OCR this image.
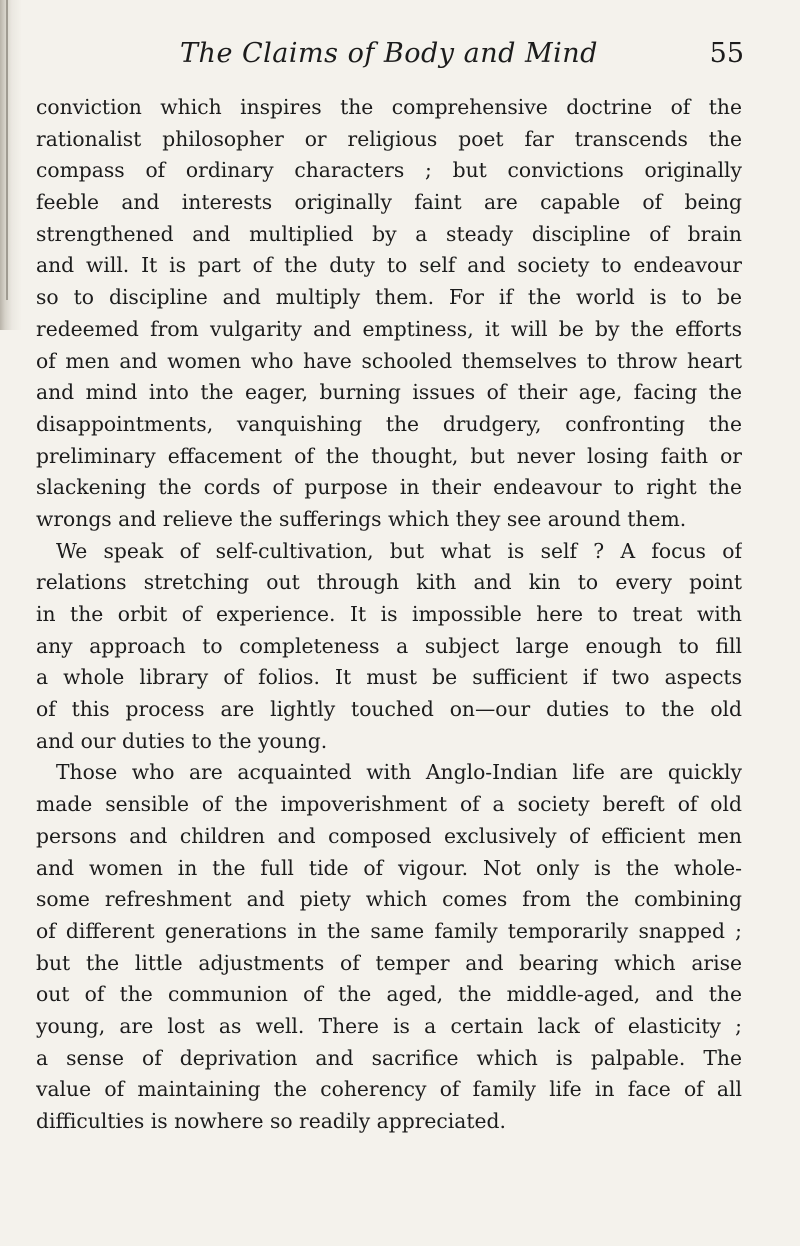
The Claims of Body and Mind	55
conviction which inspires the comprehensive doctrine of the
rationalist philosopher or religious poet far transcends the
compass of ordinary characters ; but convictions originally
feeble and interests originally faint are capable of being
strengthened and multiplied by a steady discipline of brain
and will. It is part of the duty to self and society to endeavour
so to discipline and multiply them. For if the world is to be
redeemed from vulgarity and emptiness, it will be by the efforts
of men and women who have schooled themselves to throw heart
and mind into the eager, burning issues of their age, facing the
disappointments, vanquishing the drudgery, confronting the
preliminary effacement of the thought, but never losing faith or
slackening the cords of purpose in their endeavour to right the
wrongs and relieve the sufferings which they see around them.
We speak of self-cultivation, but what is self ? A focus of
relations stretching out through kith and kin to every point
in the orbit of experience. It is impossible here to treat with
any approach to completeness a subject large enough to fill
a whole library of folios. It must be sufficient if two aspects
of this process are lightly touched on—our duties to the old
and our duties to the young.
Those who are acquainted with Anglo-Indian life are quickly
made sensible of the impoverishment of a society bereft of old
persons and children and composed exclusively of efficient men
and women in the full tide of vigour. Not only is the whole-
some refreshment and piety which comes from the combining
of different generations in the same family temporarily snapped ;
but the little adjustments of temper and bearing which arise
out of the communion of the aged, the middle-aged, and the
young, are lost as well. There is a certain lack of elasticity ;
a sense of deprivation and sacrifice which is palpable. The
value of maintaining the coherency of family life in face of all
difficulties is nowhere so readily appreciated.
